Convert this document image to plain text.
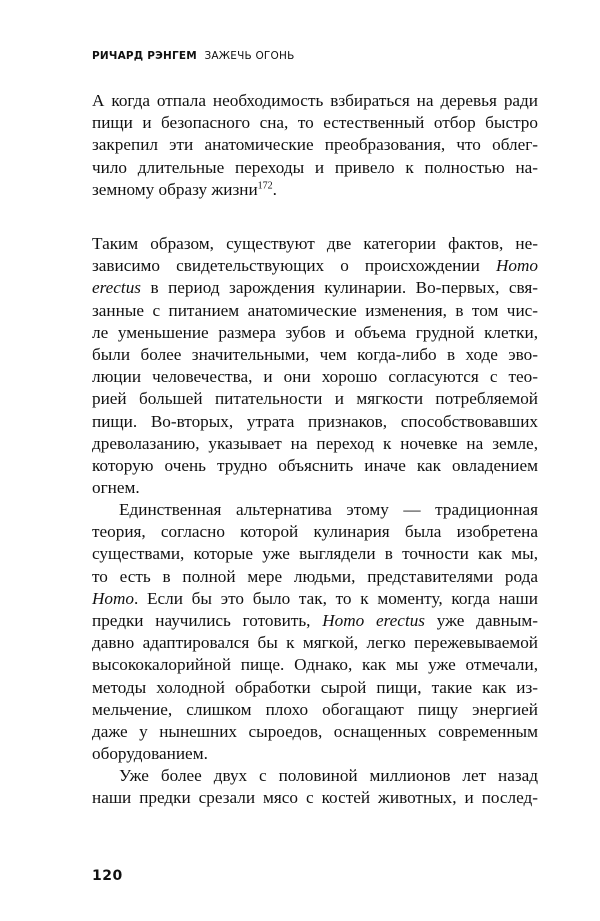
РИЧАРД РЭНГЕМ ЗАЖЕЧЬ ОГОНЬ
А когда отпала необходимость взбираться на деревья ради
пищи и безопасного сна, то естественный отбор быстро
закрепил эти анатомические преобразования, что облег-
чило длительные переходы и привело к полностью на-
земному образу жизни$^{172}$.
Таким образом, существуют две категории фактов, не-
зависимо свидетельствующих о происхождении Homo
erectus в период зарождения кулинарии. Во-первых, свя-
занные с питанием анатомические изменения, в том чис-
ле уменьшение размера зубов и объема грудной клетки,
были более значительными, чем когда-либо в ходе эво-
люции человечества, и они хорошо согласуются с тео-
рией большей питательности и мягкости потребляемой
пищи. Во-вторых, утрата признаков, способствовавших
древолазанию, указывает на переход к ночевке на земле,
которую очень трудно объяснить иначе как овладением
огнем.
Единственная альтернатива этому — традиционная
теория, согласно которой кулинария была изобретена
существами, которые уже выглядели в точности как мы,
то есть в полной мере людьми, представителями рода
Homo. Если бы это было так, то к моменту, когда наши
предки научились готовить, Homo erectus уже давным-
давно адаптировался бы к мягкой, легко пережевываемой
высококалорийной пище. Однако, как мы уже отмечали,
методы холодной обработки сырой пищи, такие как из-
мельчение, слишком плохо обогащают пищу энергией
даже у нынешних сыроедов, оснащенных современным
оборудованием.
Уже более двух с половиной миллионов лет назад
наши предки срезали мясо с костей животных, и послед-
120
